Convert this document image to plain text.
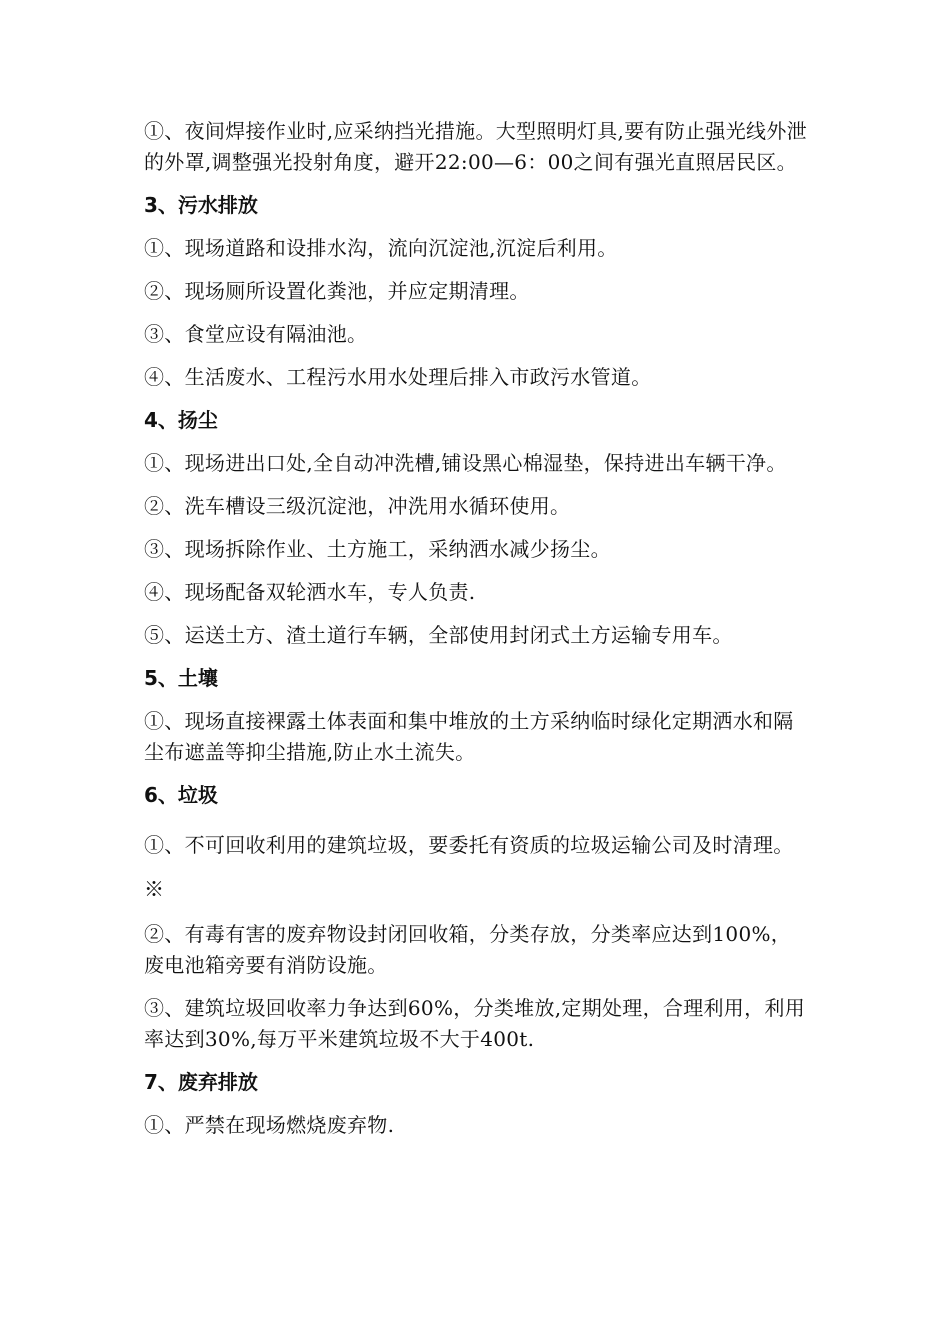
①、夜间焊接作业时,应采纳挡光措施。大型照明灯具,要有防止强光线外泄的外罩,调整强光投射角度，避开22:00—6：00之间有强光直照居民区。

3、污水排放

①、现场道路和设排水沟，流向沉淀池,沉淀后利用。

②、现场厕所设置化粪池，并应定期清理。

③、食堂应设有隔油池。

④、生活废水、工程污水用水处理后排入市政污水管道。

4、扬尘

①、现场进出口处,全自动冲洗槽,铺设黑心棉湿垫，保持进出车辆干净。

②、洗车槽设三级沉淀池，冲洗用水循环使用。

③、现场拆除作业、土方施工，采纳洒水减少扬尘。

④、现场配备双轮洒水车，专人负责.

⑤、运送土方、渣土道行车辆，全部使用封闭式土方运输专用车。

5、土壤

①、现场直接裸露土体表面和集中堆放的土方采纳临时绿化定期洒水和隔尘布遮盖等抑尘措施,防止水土流失。

6、垃圾

①、不可回收利用的建筑垃圾，要委托有资质的垃圾运输公司及时清理。※

②、有毒有害的废弃物设封闭回收箱，分类存放，分类率应达到100%，废电池箱旁要有消防设施。

③、建筑垃圾回收率力争达到60%，分类堆放,定期处理，合理利用，利用率达到30%,每万平米建筑垃圾不大于400t.

7、废弃排放

①、严禁在现场燃烧废弃物.
